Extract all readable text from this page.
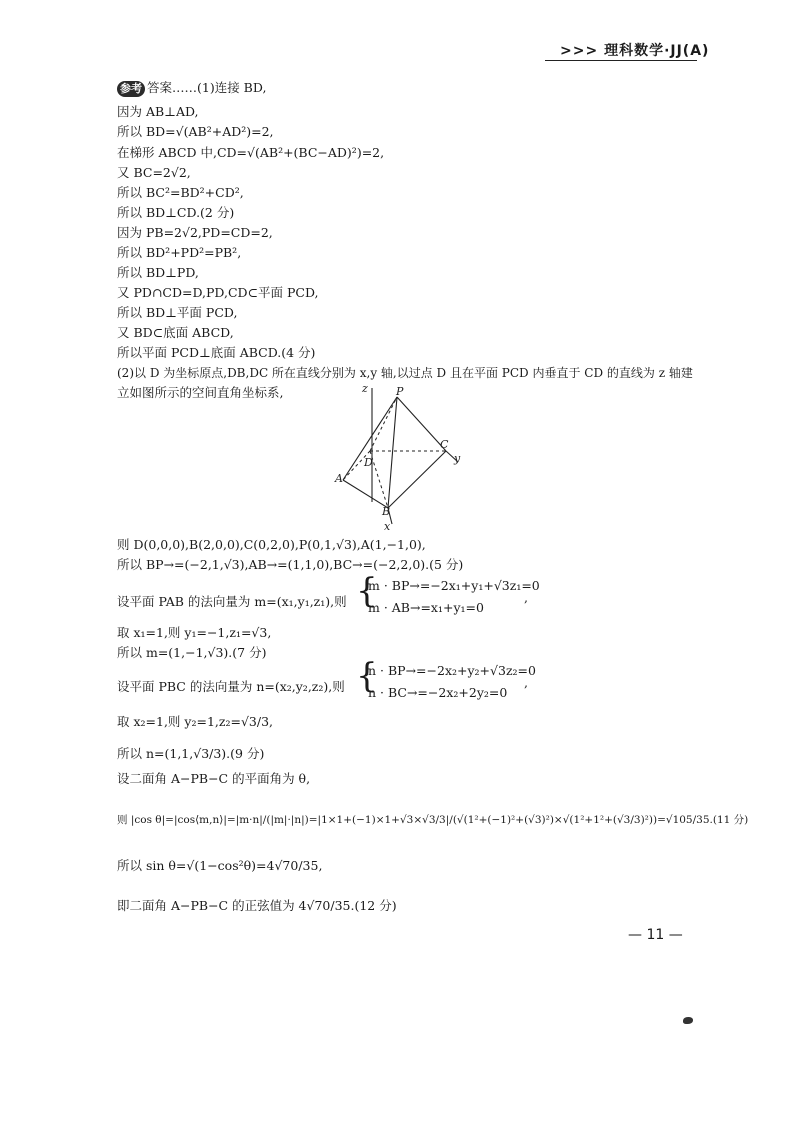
>>> 理科数学·JJ(A)
参考 答案……(1)连接 BD,
因为 AB⊥AD,
所以 BD=√(AB²+AD²)=2,
在梯形 ABCD 中,CD=√(AB²+(BC−AD)²)=2,
又 BC=2√2,
所以 BC²=BD²+CD²,
所以 BD⊥CD.(2 分)
因为 PB=2√2,PD=CD=2,
所以 BD²+PD²=PB²,
所以 BD⊥PD,
又 PD∩CD=D,PD,CD⊂平面 PCD,
所以 BD⊥平面 PCD,
又 BD⊂底面 ABCD,
所以平面 PCD⊥底面 ABCD.(4 分)
(2)以 D 为坐标原点,DB,DC 所在直线分别为 x,y 轴,以过点 D 且在平面 PCD 内垂直于 CD 的直线为 z 轴建
立如图所示的空间直角坐标系,	z	P
C
y
D
A
B
x
则 D(0,0,0),B(2,0,0),C(0,2,0),P(0,1,√3),A(1,−1,0),
所以 BP→=(−2,1,√3),AB→=(1,1,0),BC→=(−2,2,0).(5 分)
设平面 PAB 的法向量为 m=(x₁,y₁,z₁),则 {
m · BP→=−2x₁+y₁+√3z₁=0
m · AB→=x₁+y₁=0
,
取 x₁=1,则 y₁=−1,z₁=√3,
所以 m=(1,−1,√3).(7 分)
设平面 PBC 的法向量为 n=(x₂,y₂,z₂),则 {
n · BP→=−2x₂+y₂+√3z₂=0
n · BC→=−2x₂+2y₂=0
,
取 x₂=1,则 y₂=1,z₂=√3/3,
所以 n=(1,1,√3/3).(9 分)
设二面角 A−PB−C 的平面角为 θ,
则 |cos θ|=|cos⟨m,n⟩|=|m·n|/(|m|·|n|)=|1×1+(−1)×1+√3×√3/3|/(√(1²+(−1)²+(√3)²)×√(1²+1²+(√3/3)²))=√105/35.(11 分)
所以 sin θ=√(1−cos²θ)=4√70/35,
即二面角 A−PB−C 的正弦值为 4√70/35.(12 分)
— 11 —
